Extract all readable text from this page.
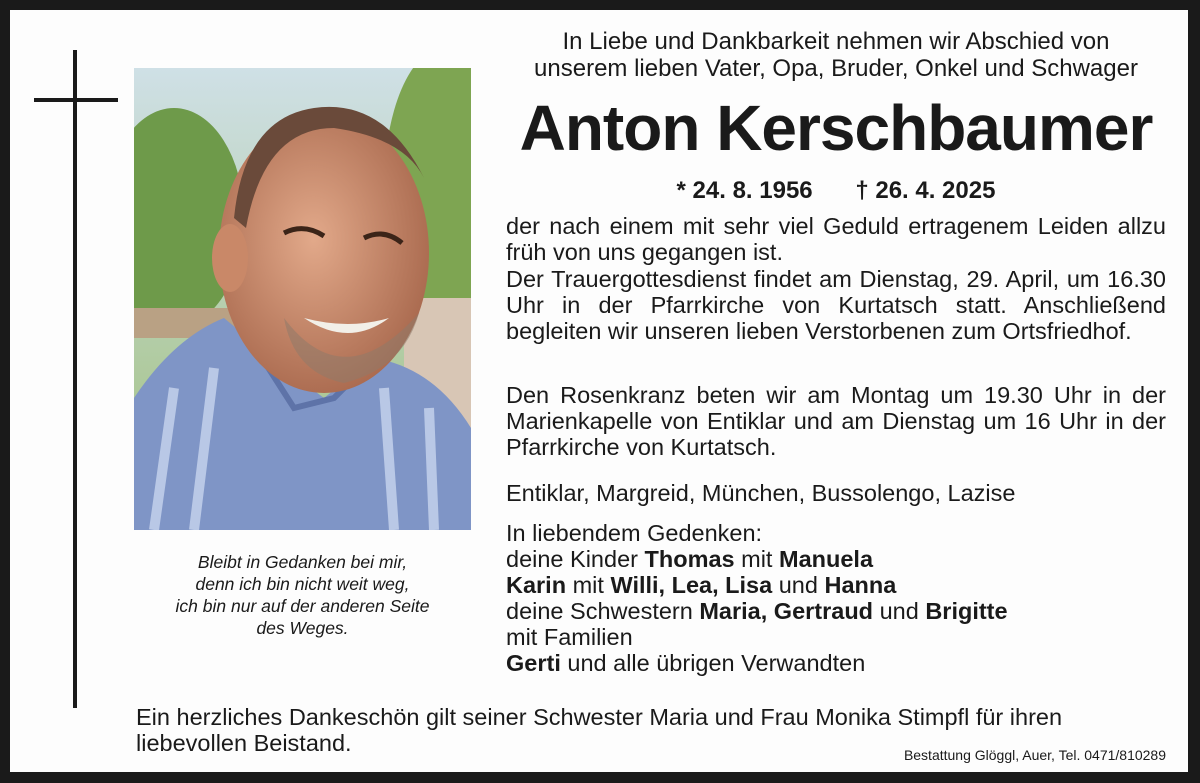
Bleibt in Gedanken bei mir,
denn ich bin nicht weit weg,
ich bin nur auf der anderen Seite
des Weges.
In Liebe und Dankbarkeit nehmen wir Abschied von
unserem lieben Vater, Opa, Bruder, Onkel und Schwager
Anton Kerschbaumer
* 24. 8. 1956 † 26. 4. 2025
der nach einem mit sehr viel Geduld ertragenem Leiden allzu früh von uns gegangen ist.
Der Trauergottesdienst findet am Dienstag, 29. April, um 16.30 Uhr in der Pfarrkirche von Kurtatsch statt. Anschließend begleiten wir unseren lieben Verstorbenen zum Ortsfriedhof.
Den Rosenkranz beten wir am Montag um 19.30 Uhr in der Marienkapelle von Entiklar und am Dienstag um 16 Uhr in der Pfarrkirche von Kurtatsch.
Entiklar, Margreid, München, Bussolengo, Lazise
In liebendem Gedenken:
deine Kinder Thomas mit Manuela
Karin mit Willi, Lea, Lisa und Hanna
deine Schwestern Maria, Gertraud und Brigitte
mit Familien
Gerti und alle übrigen Verwandten
Ein herzliches Dankeschön gilt seiner Schwester Maria und Frau Monika Stimpfl für ihren liebevollen Beistand.	Bestattung Glöggl, Auer, Tel. 0471/810289
